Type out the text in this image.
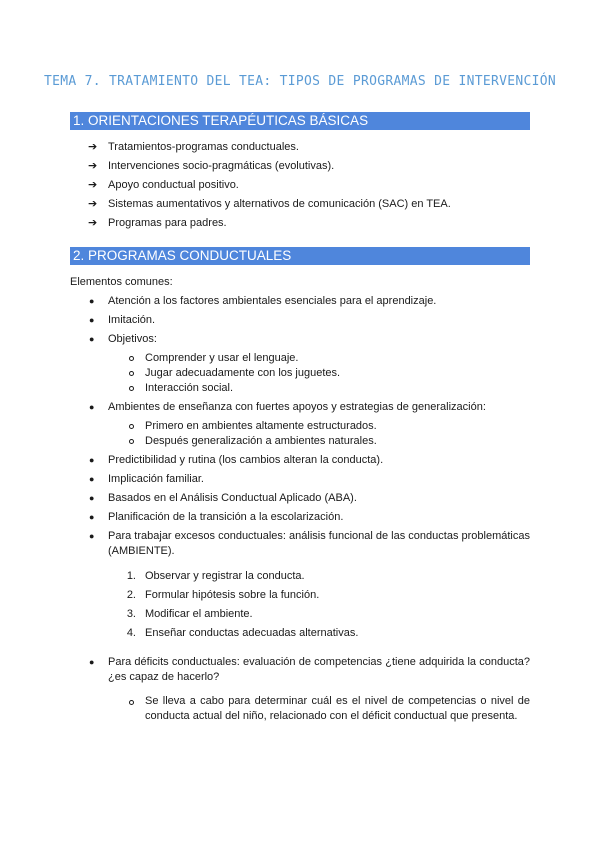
TEMA 7. TRATAMIENTO DEL TEA: TIPOS DE PROGRAMAS DE INTERVENCIÓN
1. ORIENTACIONES TERAPÉUTICAS BÁSICAS
➔ Tratamientos-programas conductuales.
➔ Intervenciones socio-pragmáticas (evolutivas).
➔ Apoyo conductual positivo.
➔ Sistemas aumentativos y alternativos de comunicación (SAC) en TEA.
➔ Programas para padres.
2. PROGRAMAS CONDUCTUALES
Elementos comunes:
● Atención a los factores ambientales esenciales para el aprendizaje.
● Imitación.
● Objetivos:
Comprender y usar el lenguaje.
Jugar adecuadamente con los juguetes.
Interacción social.
● Ambientes de enseñanza con fuertes apoyos y estrategias de generalización:
Primero en ambientes altamente estructurados.
Después generalización a ambientes naturales.
● Predictibilidad y rutina (los cambios alteran la conducta).
● Implicación familiar.
● Basados en el Análisis Conductual Aplicado (ABA).
● Planificación de la transición a la escolarización.
● Para trabajar excesos conductuales: análisis funcional de las conductas problemáticas (AMBIENTE).
1. Observar y registrar la conducta.
2. Formular hipótesis sobre la función.
3. Modificar el ambiente.
4. Enseñar conductas adecuadas alternativas.
● Para déficits conductuales: evaluación de competencias ¿tiene adquirida la conducta? ¿es capaz de hacerlo?
Se lleva a cabo para determinar cuál es el nivel de competencias o nivel de conducta actual del niño, relacionado con el déficit conductual que presenta.
